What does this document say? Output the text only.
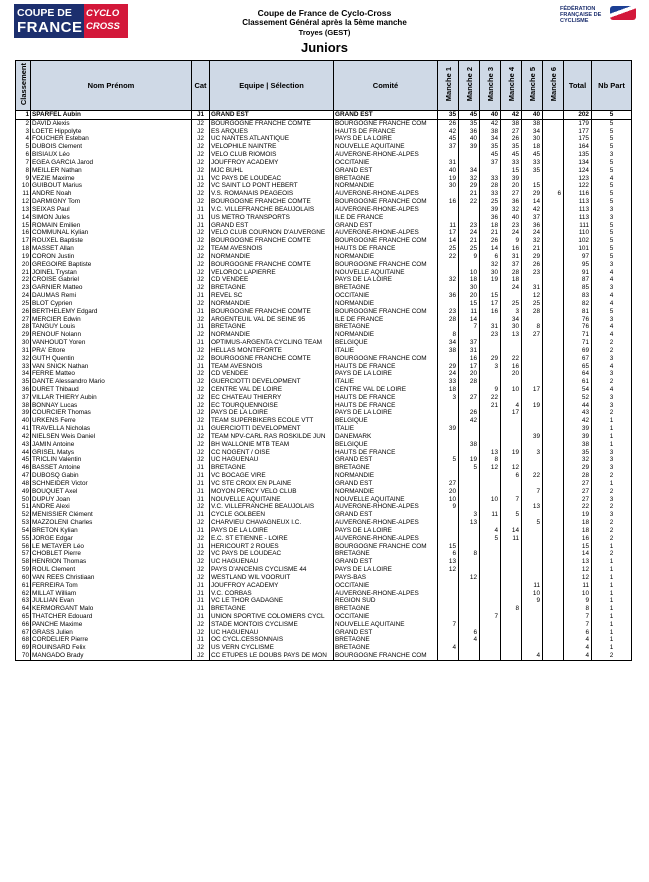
COUPE DE
FRANCE
CYCLO CROSS
FÉDÉRATION FRANÇAISE DE CYCLISME
Coupe de France de Cyclo-Cross
Classement Général après la 5ème manche
Troyes (GEST)
Juniors
Classement	Nom Prénom	Cat	Equipe | Sélection	Comité	Manche 1	Manche 2	Manche 3	Manche 4	Manche 5	Manche 6	Total	Nb Part
1	SPARFEL Aubin	J1	GRAND EST	GRAND EST	35	45	40	42	40		202	5
2	DAVID Alexis	J2	BOURGOGNE FRANCHE COMTE	BOURGOGNE FRANCHE COM	26	35	42	38	38		179	5
3	LOETE Hippolyte	J2	ES ARQUES	HAUTS DE FRANCE	42	36	38	27	34		177	5
4	FOUCHER Esteban	J2	UC NANTES ATLANTIQUE	PAYS DE LA LOIRE	45	40	34	26	30		175	5
5	DUBOIS Clement	J2	VELOPHILE NAINTRE	NOUVELLE AQUITAINE	37	39	35	35	18		164	5
6	BISIAUX Léo	J2	VELO CLUB RIOMOIS	AUVERGNE-RHONE-ALPES			45	45	45		135	3
7	EGEA GARCIA Jarod	J2	JOUFFROY ACADEMY	OCCITANIE	31		37	33	33		134	5
8	MEILLER Nathan	J2	MJC BUHL	GRAND EST	40	34		15	35		124	5
9	VEZIE Maxime	J1	VC PAYS DE LOUDEAC	BRETAGNE	19	32	33	39			123	4
10	GUIBOUT Marius	J2	VC SAINT LO PONT HEBERT	NORMANDIE	30	29	28	20	15		122	5
11	ANDRE Noah	J2	V.S. ROMANAIS PEAGEOIS	AUVERGNE-RHONE-ALPES		21	33	27	29	6	116	5
12	DARMIGNY Tom	J2	BOURGOGNE FRANCHE COMTE	BOURGOGNE FRANCHE COM	16	22	25	36	14		113	5
13	SEIXAS Paul	J1	V.C. VILLEFRANCHE BEAUJOLAIS	AUVERGNE-RHONE-ALPES			39	32	42		113	3
14	SIMON Jules	J1	US METRO TRANSPORTS	ILE DE FRANCE			36	40	37		113	3
15	ROMAIN Emilien	J1	GRAND EST	GRAND EST	11	23	18	23	36		111	5
16	COMMUNAL Kylian	J2	VELO CLUB COURNON D'AUVERGNE	AUVERGNE-RHONE-ALPES	17	24	21	24	24		110	5
17	ROUXEL Baptiste	J2	BOURGOGNE FRANCHE COMTE	BOURGOGNE FRANCHE COM	14	21	26	9	32		102	5
18	MASSET Allan	J2	TEAM AVESNOIS	HAUTS DE FRANCE	25	25	14	16	21		101	5
19	CORON Justin	J2	NORMANDIE	NORMANDIE	22	9	6	31	29		97	5
20	GREGOIRE Baptiste	J2	BOURGOGNE FRANCHE COMTE	BOURGOGNE FRANCHE COM			32	37	26		95	3
21	JOINEL Trystan	J2	VELOROC LAPIERRE	NOUVELLE AQUITAINE		10	30	28	23		91	4
22	CROISE Gabriel	J2	CD VENDÉE	PAYS DE LA LOIRE	32	18	19	18			87	4
23	GARNIER Matteo	J2	BRETAGNE	BRETAGNE		30		24	31		85	3
24	DAUMAS Remi	J1	REVEL SC	OCCITANIE	36	20	15		12		83	4
25	BLOT Cyprien	J2	NORMANDIE	NORMANDIE		15	17	25	25		82	4
26	BERTHELEMY Edgard	J1	BOURGOGNE FRANCHE COMTE	BOURGOGNE FRANCHE COM	23	11	16	3	28		81	5
27	MERCIER Edwin	J2	ARGENTEUIL VAL DE SEINE 95	ILE DE FRANCE	28	14		34			76	3
28	TANGUY Louis	J1	BRETAGNE	BRETAGNE		7	31	30	8		76	4
29	RENOUF Nolann	J2	NORMANDIE	NORMANDIE	8		23	13	27		71	4
30	VANHOUDT Yoren	J1	OPTIMUS-ARGENTA CYCLING TEAM	BELGIQUE	34	37					71	2
31	PRA' Ettore	J2	HELLAS MONTEFORTE	ITALIE	38	31					69	2
32	GUTH Quentin	J2	BOURGOGNE FRANCHE COMTE	BOURGOGNE FRANCHE COM		16	29	22			67	3
33	VAN SNICK Nathan	J1	TEAM AVESNOIS	HAUTS DE FRANCE	29	17	3	16			65	4
34	FERRE Matteo	J2	CD VENDÉE	PAYS DE LA LOIRE	24	20		20			64	3
35	DANTE Alessandro Mario	J2	GUERCIOTTI DEVELOPMENT	ITALIE	33	28					61	2
36	DURET Thibaud	J2	CENTRE VAL DE LOIRE	CENTRE VAL DE LOIRE	18		9	10	17		54	4
37	VILLAR THIERY Aubin	J2	EC CHATEAU THIERRY	HAUTS DE FRANCE	3	27	22				52	3
38	BONNAY Lucas	J2	EC TOURQUENNOISE	HAUTS DE FRANCE			21	4	19		44	3
39	COURCIER Thomas	J2	PAYS DE LA LOIRE	PAYS DE LA LOIRE		26		17			43	2
40	URKENS Ferre	J2	TEAM SUPERBIKERS ECOLE VTT	BELGIQUE		42					42	1
41	TRAVELLA Nicholas	J1	GUERCIOTTI DEVELOPMENT	ITALIE	39						39	1
42	NIELSEN Weis Daniel	J2	TEAM NPV-CARL RAS ROSKILDE JUN	DANEMARK					39		39	1
43	JAMIN Antoine	J2	BH WALLONIE MTB TEAM	BELGIQUE		38					38	1
44	GRISEL Matys	J2	CC NOGENT / OISE	HAUTS DE FRANCE			13	19	3		35	3
45	TRICLIN Valentin	J2	UC HAGUENAU	GRAND EST	5	19	8				32	3
46	BASSET Antoine	J1	BRETAGNE	BRETAGNE		5	12	12			29	3
47	DUBOSQ Gabin	J1	VC BOCAGE VIRE	NORMANDIE				6	22		28	2
48	SCHNEIDER Victor	J1	VC STE CROIX EN PLAINE	GRAND EST	27						27	1
49	BOUQUET Axel	J1	MOYON PERCY VELO CLUB	NORMANDIE	20				7		27	2
50	DUPUY Joan	J1	NOUVELLE AQUITAINE	NOUVELLE AQUITAINE	10		10	7			27	3
51	ANDRE Alexi	J2	V.C. VILLEFRANCHE BEAUJOLAIS	AUVERGNE-RHONE-ALPES	9				13		22	2
52	MENISSIER Clément	J1	CYCLE GOLBEEN	GRAND EST		3	11	5			19	3
53	MAZZOLENI Charles	J2	CHARVIEU CHAVAGNEUX I.C.	AUVERGNE-RHONE-ALPES		13			5		18	2
54	BRETON Kylian	J1	PAYS DE LA LOIRE	PAYS DE LA LOIRE			4	14			18	2
55	JORGE Edgar	J2	E.C. ST ETIENNE - LOIRE	AUVERGNE-RHONE-ALPES			5	11			16	2
56	LE METAYER Léo	J1	HERICOURT 2 ROUES	BOURGOGNE FRANCHE COM	15						15	1
57	CHOBLET Pierre	J2	VC PAYS DE LOUDEAC	BRETAGNE	6	8					14	2
58	HENRION Thomas	J2	UC HAGUENAU	GRAND EST	13						13	1
59	ROUL Clement	J2	PAYS D'ANCENIS CYCLISME 44	PAYS DE LA LOIRE	12						12	1
60	VAN REES Christiaan	J2	WESTLAND WIL VOORUIT	PAYS-BAS		12					12	1
61	FERREIRA Tom	J1	JOUFFROY ACADEMY	OCCITANIE					11		11	1
62	MILLAT William	J1	V.C. CORBAS	AUVERGNE-RHONE-ALPES					10		10	1
63	JULLIAN Evan	J1	VC LE THOR GADAGNE	REGION SUD					9		9	1
64	KERMORGANT Malo	J1	BRETAGNE	BRETAGNE				8			8	1
65	THATCHER Edouard	J1	UNION SPORTIVE COLOMIERS CYCL	OCCITANIE			7				7	1
66	PANCHE Maxime	J2	STADE MONTOIS CYCLISME	NOUVELLE AQUITAINE	7						7	1
67	GRASS Julien	J2	UC HAGUENAU	GRAND EST		6					6	1
68	CORDELIER Pierre	J1	OC CYCL.CESSONNAIS	BRETAGNE		4					4	1
69	ROUINSARD Felix	J2	US VERN CYCLISME	BRETAGNE	4						4	1
70	MANGADO Brady	J2	CC ETUPES LE DOUBS PAYS DE MON	BOURGOGNE FRANCHE COM					4		4	2
